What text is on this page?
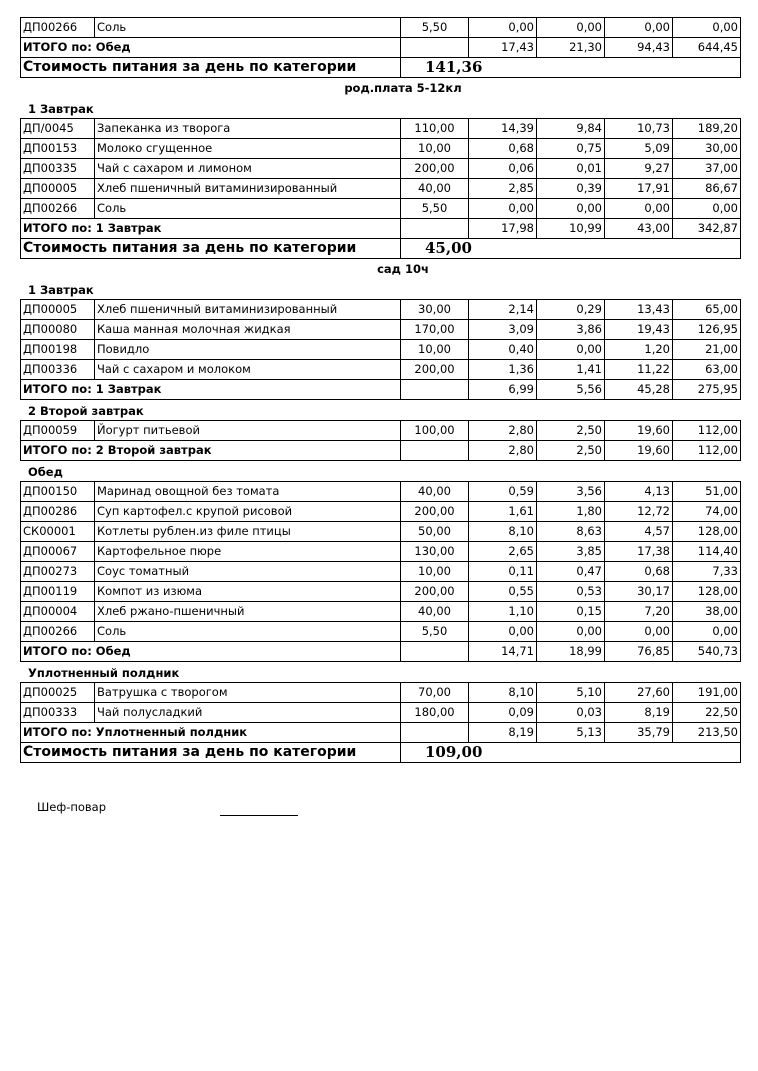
ДП00266	Соль	5,50	0,00	0,00	0,00	0,00
ИТОГО по: Обед			17,43	21,30	94,43	644,45
Стоимость питания за день по категории		141,36				
род.плата 5-12кл
1 Завтрак
ДП/0045	Запеканка из творога	110,00	14,39	9,84	10,73	189,20
ДП00153	Молоко сгущенное	10,00	0,68	0,75	5,09	30,00
ДП00335	Чай с сахаром и лимоном	200,00	0,06	0,01	9,27	37,00
ДП00005	Хлеб пшеничный витаминизированный	40,00	2,85	0,39	17,91	86,67
ДП00266	Соль	5,50	0,00	0,00	0,00	0,00
ИТОГО по: 1 Завтрак			17,98	10,99	43,00	342,87
Стоимость питания за день по категории		45,00				
сад 10ч
1 Завтрак
ДП00005	Хлеб пшеничный витаминизированный	30,00	2,14	0,29	13,43	65,00
ДП00080	Каша манная молочная жидкая	170,00	3,09	3,86	19,43	126,95
ДП00198	Повидло	10,00	0,40	0,00	1,20	21,00
ДП00336	Чай с сахаром и молоком	200,00	1,36	1,41	11,22	63,00
ИТОГО по: 1 Завтрак			6,99	5,56	45,28	275,95
2 Второй завтрак
ДП00059	Йогурт питьевой	100,00	2,80	2,50	19,60	112,00
ИТОГО по: 2 Второй завтрак			2,80	2,50	19,60	112,00
Обед
ДП00150	Маринад овощной без томата	40,00	0,59	3,56	4,13	51,00
ДП00286	Суп картофел.с крупой рисовой	200,00	1,61	1,80	12,72	74,00
СК00001	Котлеты рублен.из филе птицы	50,00	8,10	8,63	4,57	128,00
ДП00067	Картофельное пюре	130,00	2,65	3,85	17,38	114,40
ДП00273	Соус томатный	10,00	0,11	0,47	0,68	7,33
ДП00119	Компот из изюма	200,00	0,55	0,53	30,17	128,00
ДП00004	Хлеб ржано-пшеничный	40,00	1,10	0,15	7,20	38,00
ДП00266	Соль	5,50	0,00	0,00	0,00	0,00
ИТОГО по: Обед			14,71	18,99	76,85	540,73
Уплотненный полдник
ДП00025	Ватрушка с творогом	70,00	8,10	5,10	27,60	191,00
ДП00333	Чай полусладкий	180,00	0,09	0,03	8,19	22,50
ИТОГО по: Уплотненный полдник			8,19	5,13	35,79	213,50
Стоимость питания за день по категории		109,00				
Шеф-повар
